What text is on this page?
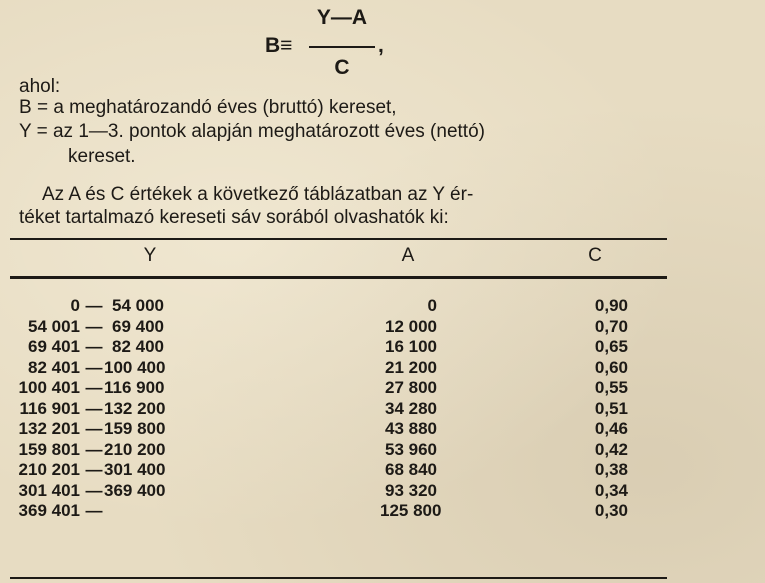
Y—A
B≡	,
C
ahol:
B = a meghatározandó éves (bruttó) kereset,
Y = az 1—3. pontok alapján meghatározott éves (nettó)
kereset.
Az A és C értékek a következő táblázatban az Y ér-
téket tartalmazó kereseti sáv sorából olvashatók ki:
Y	A	C
0 — 54 000	0	0,90
54 001 — 69 400	12 000	0,70
69 401 — 82 400	16 100	0,65
82 401 — 100 400	21 200	0,60
100 401 — 116 900	27 800	0,55
116 901 — 132 200	34 280	0,51
132 201 — 159 800	43 880	0,46
159 801 — 210 200	53 960	0,42
210 201 — 301 400	68 840	0,38
301 401 — 369 400	93 320	0,34
369 401 —	125 800	0,30
